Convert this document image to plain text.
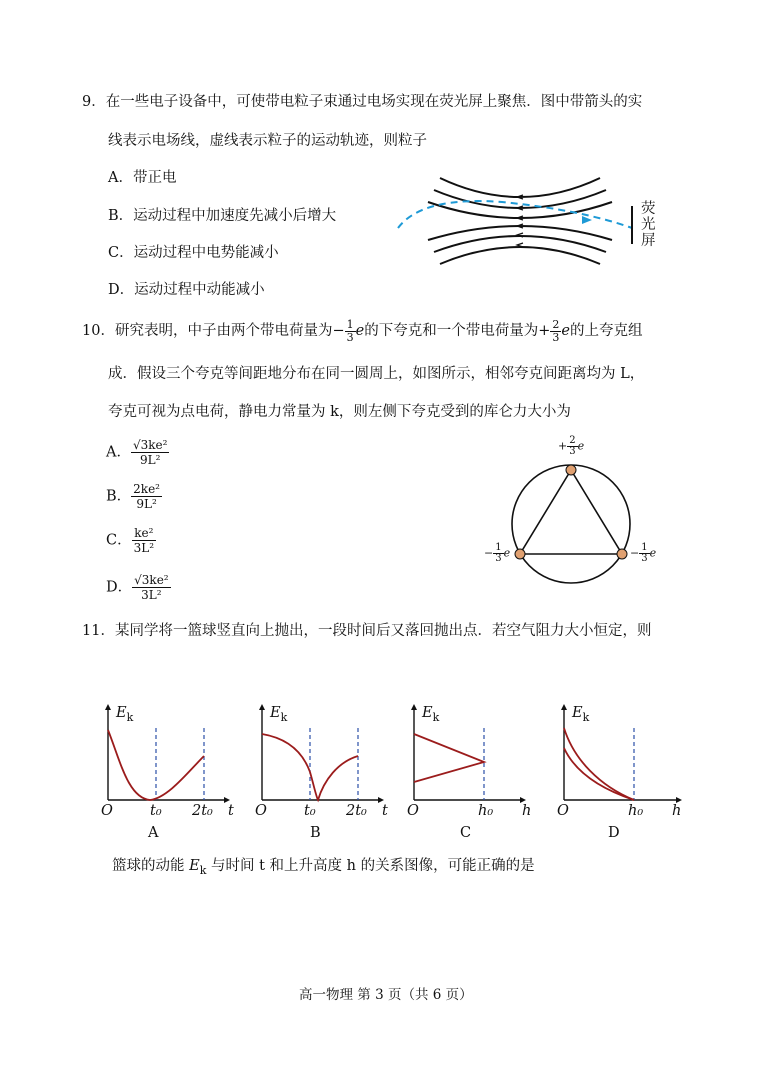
9．在一些电子设备中，可使带电粒子束通过电场实现在荧光屏上聚焦．图中带箭头的实
线表示电场线，虚线表示粒子的运动轨迹，则粒子
A．带正电
B．运动过程中加速度先减小后增大
C．运动过程中电势能减小
D．运动过程中动能减小
荧
光
屏
10．研究表明，中子由两个带电荷量为− $\frac{1}{3}$ e的下夸克和一个带电荷量为+ $\frac{2}{3}$ e的上夸克组
成．假设三个夸克等间距地分布在同一圆周上，如图所示，相邻夸克间距离均为 L，
夸克可视为点电荷，静电力常量为 k，则左侧下夸克受到的库仑力大小为
A． $\frac{\text{√3ke²}}{\text{9L²}}$
B． $\frac{\text{2ke²}}{\text{9L²}}$
C． $\frac{\text{ke²}}{\text{3L²}}$
D． $\frac{\text{√3ke²}}{\text{3L²}}$
+ $\frac{2}{3}$ e
− $\frac{1}{3}$ e	− $\frac{1}{3}$ e
11．某同学将一篮球竖直向上抛出，一段时间后又落回抛出点．若空气阻力大小恒定，则
$E_k$
O	t₀ 2t₀ t
A
$E_k$
O	t₀ 2t₀ t
B
$E_k$
O	h₀ h
C
$E_k$
O	h₀ h
D
篮球的动能 $E_k$ 与时间 t 和上升高度 h 的关系图像，可能正确的是
高一物理 第 3 页（共 6 页）
